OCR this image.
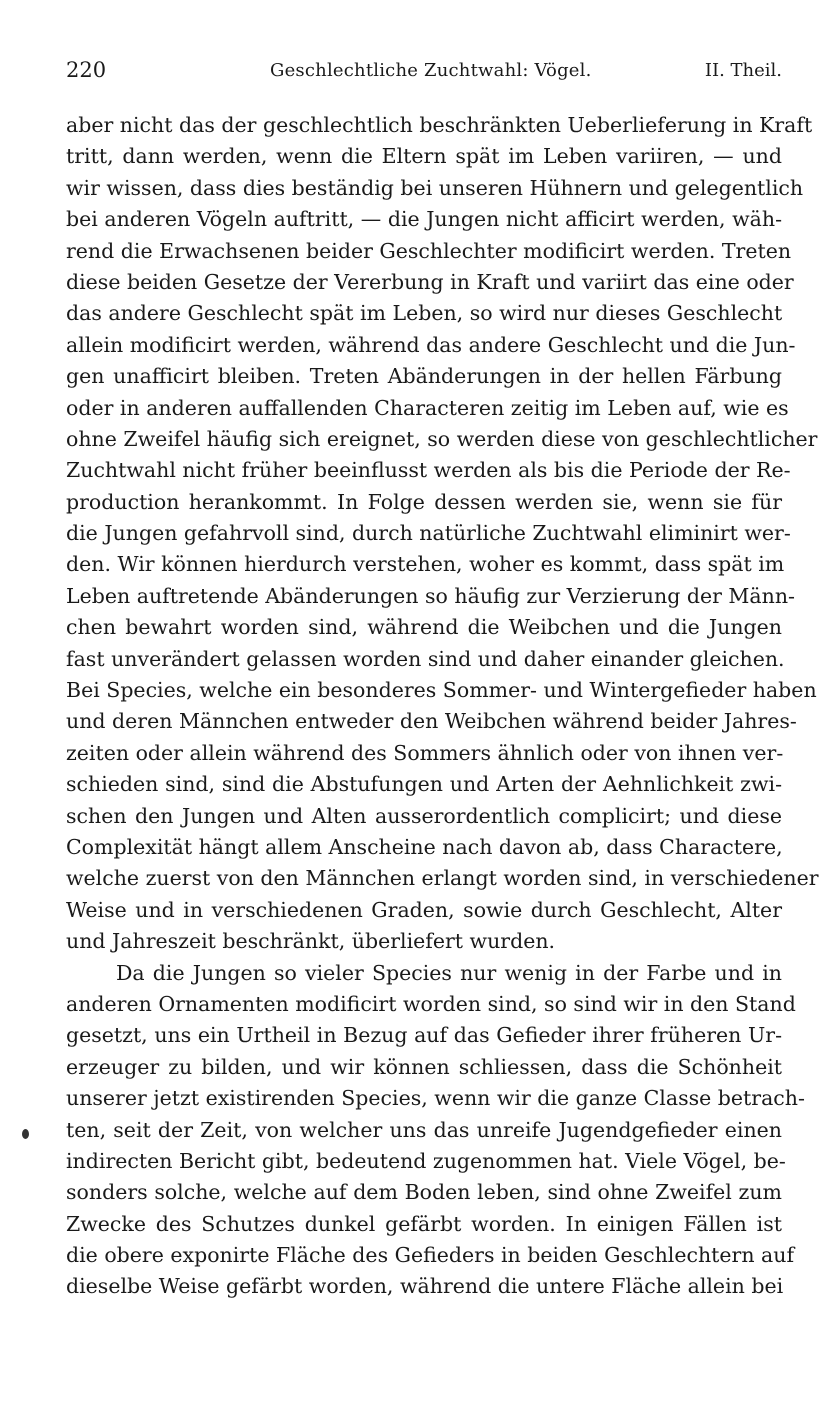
220	Geschlechtliche Zuchtwahl: Vögel.	II. Theil.
aber nicht das der geschlechtlich beschränkten Ueberlieferung in Kraft
tritt, dann werden, wenn die Eltern spät im Leben variiren, — und
wir wissen, dass dies beständig bei unseren Hühnern und gelegentlich
bei anderen Vögeln auftritt, — die Jungen nicht afficirt werden, wäh-
rend die Erwachsenen beider Geschlechter modificirt werden. Treten
diese beiden Gesetze der Vererbung in Kraft und variirt das eine oder
das andere Geschlecht spät im Leben, so wird nur dieses Geschlecht
allein modificirt werden, während das andere Geschlecht und die Jun-
gen unafficirt bleiben. Treten Abänderungen in der hellen Färbung
oder in anderen auffallenden Characteren zeitig im Leben auf, wie es
ohne Zweifel häufig sich ereignet, so werden diese von geschlechtlicher
Zuchtwahl nicht früher beeinflusst werden als bis die Periode der Re-
production herankommt. In Folge dessen werden sie, wenn sie für
die Jungen gefahrvoll sind, durch natürliche Zuchtwahl eliminirt wer-
den. Wir können hierdurch verstehen, woher es kommt, dass spät im
Leben auftretende Abänderungen so häufig zur Verzierung der Männ-
chen bewahrt worden sind, während die Weibchen und die Jungen
fast unverändert gelassen worden sind und daher einander gleichen.
Bei Species, welche ein besonderes Sommer- und Wintergefieder haben
und deren Männchen entweder den Weibchen während beider Jahres-
zeiten oder allein während des Sommers ähnlich oder von ihnen ver-
schieden sind, sind die Abstufungen und Arten der Aehnlichkeit zwi-
schen den Jungen und Alten ausserordentlich complicirt; und diese
Complexität hängt allem Anscheine nach davon ab, dass Charactere,
welche zuerst von den Männchen erlangt worden sind, in verschiedener
Weise und in verschiedenen Graden, sowie durch Geschlecht, Alter
und Jahreszeit beschränkt, überliefert wurden.
Da die Jungen so vieler Species nur wenig in der Farbe und in
anderen Ornamenten modificirt worden sind, so sind wir in den Stand
gesetzt, uns ein Urtheil in Bezug auf das Gefieder ihrer früheren Ur-
erzeuger zu bilden, und wir können schliessen, dass die Schönheit
unserer jetzt existirenden Species, wenn wir die ganze Classe betrach-
ten, seit der Zeit, von welcher uns das unreife Jugendgefieder einen
indirecten Bericht gibt, bedeutend zugenommen hat. Viele Vögel, be-
sonders solche, welche auf dem Boden leben, sind ohne Zweifel zum
Zwecke des Schutzes dunkel gefärbt worden. In einigen Fällen ist
die obere exponirte Fläche des Gefieders in beiden Geschlechtern auf
dieselbe Weise gefärbt worden, während die untere Fläche allein bei
